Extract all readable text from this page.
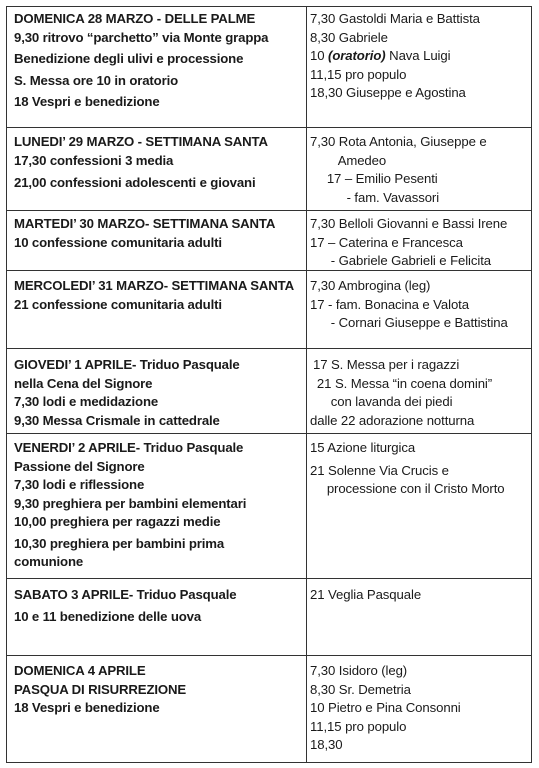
DOMENICA 28 MARZO - DELLE PALME
9,30 ritrovo “parchetto” via Monte grappa
Benedizione degli ulivi e processione
S. Messa ore 10 in oratorio
18 Vespri e benedizione
7,30 Gastoldi Maria e Battista
8,30 Gabriele
10 (oratorio) Nava Luigi
11,15 pro populo
18,30 Giuseppe e Agostina
LUNEDI’ 29 MARZO - SETTIMANA SANTA
17,30 confessioni 3 media
21,00 confessioni adolescenti e giovani
7,30 Rota Antonia, Giuseppe e
Amedeo
17 – Emilio Pesenti
- fam. Vavassori
MARTEDI’ 30 MARZO- SETTIMANA SANTA
10 confessione comunitaria adulti
7,30 Belloli Giovanni e Bassi Irene
17 – Caterina e Francesca
- Gabriele Gabrieli e Felicita
MERCOLEDI’ 31 MARZO- SETTIMANA SANTA
21 confessione comunitaria adulti
7,30 Ambrogina (leg)
17 - fam. Bonacina e Valota
- Cornari Giuseppe e Battistina
GIOVEDI’ 1 APRILE- Triduo Pasquale
nella Cena del Signore
7,30 lodi e medidazione
9,30 Messa Crismale in cattedrale
17 S. Messa per i ragazzi
21 S. Messa “in coena domini”
con lavanda dei piedi
dalle 22 adorazione notturna
VENERDI’ 2 APRILE- Triduo Pasquale
Passione del Signore
7,30 lodi e riflessione
9,30 preghiera per bambini elementari
10,00 preghiera per ragazzi medie
10,30 preghiera per bambini prima
comunione
15 Azione liturgica
21 Solenne Via Crucis e
processione con il Cristo Morto
SABATO 3 APRILE- Triduo Pasquale
10 e 11 benedizione delle uova
21 Veglia Pasquale
DOMENICA 4 APRILE
PASQUA DI RISURREZIONE
18 Vespri e benedizione
7,30 Isidoro (leg)
8,30 Sr. Demetria
10 Pietro e Pina Consonni
11,15 pro populo
18,30
